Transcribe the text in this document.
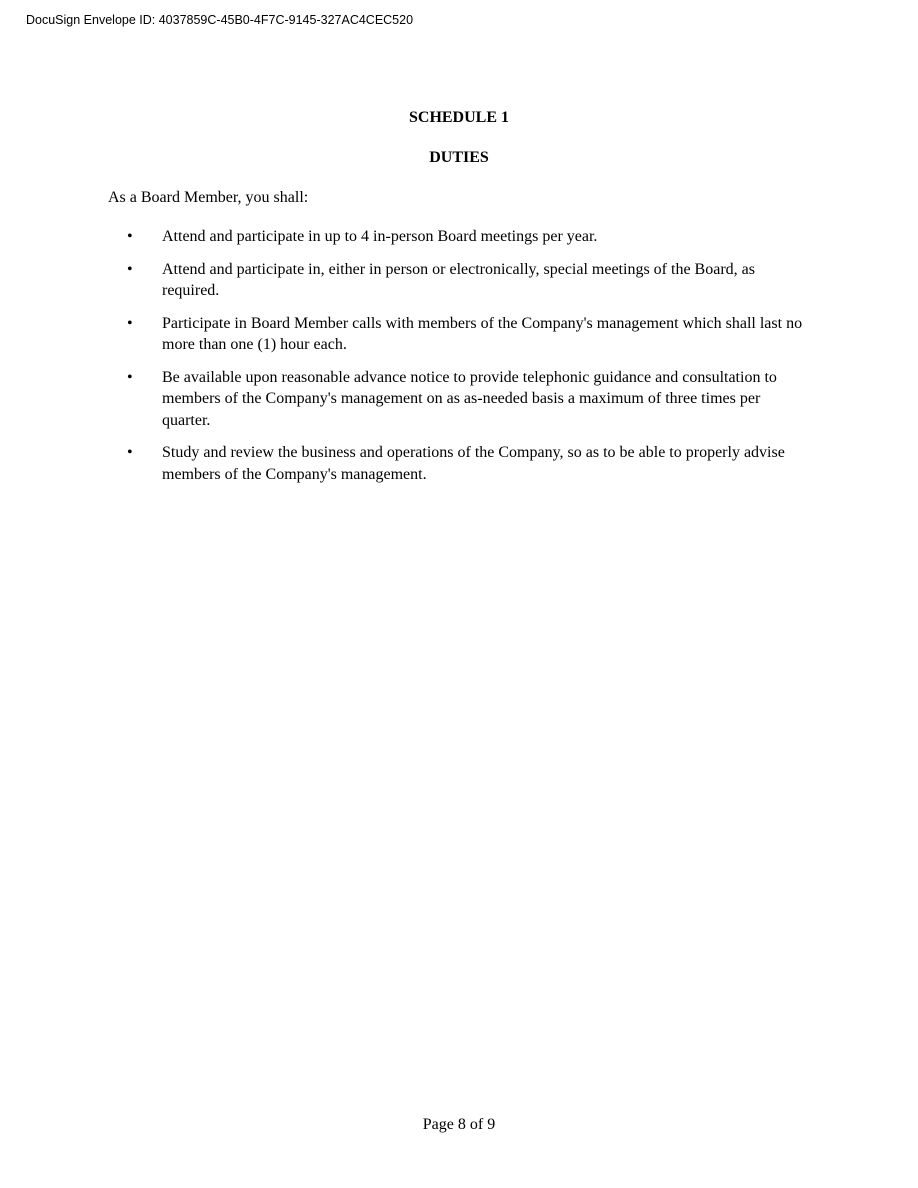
DocuSign Envelope ID: 4037859C-45B0-4F7C-9145-327AC4CEC520
SCHEDULE 1
DUTIES
As a Board Member, you shall:
• Attend and participate in up to 4 in-person Board meetings per year.
• Attend and participate in, either in person or electronically, special meetings of the Board, as required.
• Participate in Board Member calls with members of the Company's management which shall last no more than one (1) hour each.
• Be available upon reasonable advance notice to provide telephonic guidance and consultation to members of the Company's management on as as-needed basis a maximum of three times per quarter.
• Study and review the business and operations of the Company, so as to be able to properly advise members of the Company's management.
Page 8 of 9
